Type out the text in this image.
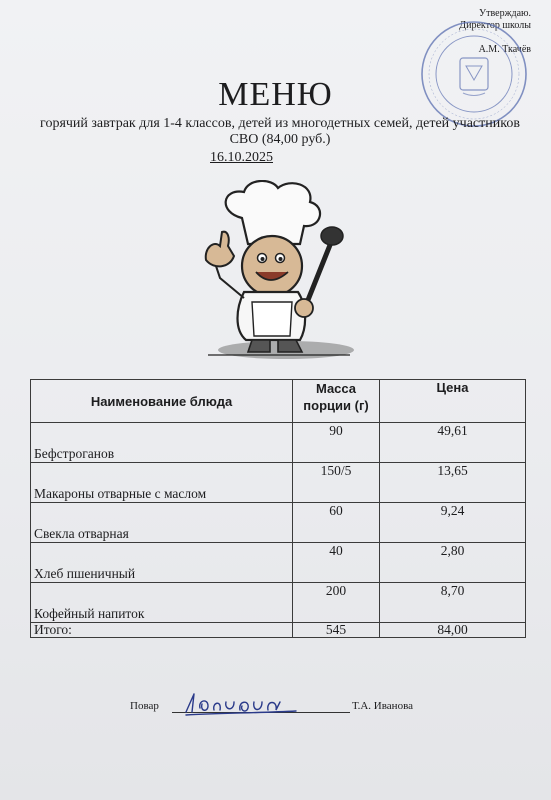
Утверждаю.
Директор школы
А.М. Ткачёв
МЕНЮ
горячий завтрак для 1-4 классов, детей из многодетных семей, детей участников СВО (84,00 руб.)
16.10.2025
Наименование блюда	Масса порции (г)	Цена
Бефстроганов	90	49,61
Макароны отварные с маслом	150/5	13,65
Свекла отварная	60	9,24
Хлеб пшеничный	40	2,80
Кофейный напиток	200	8,70
Итого:	545	84,00
Повар	Т.А. Иванова
